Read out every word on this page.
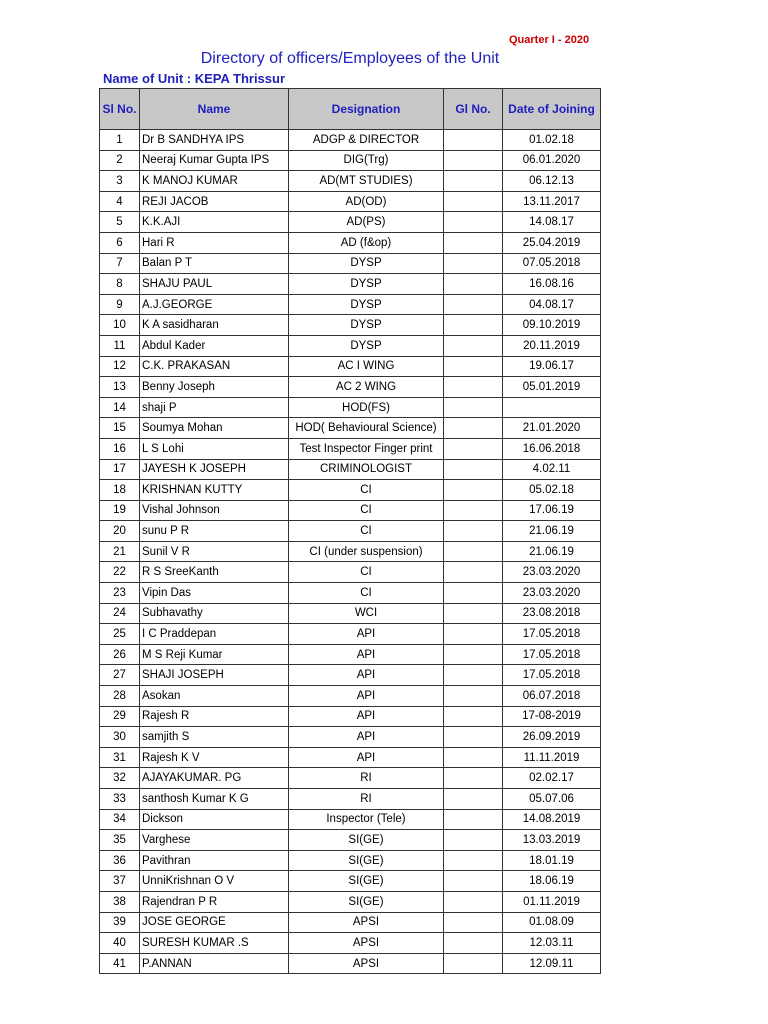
Quarter I - 2020
Directory of officers/Employees of the Unit
Name of Unit : KEPA Thrissur
Sl No.	Name	Designation	Gl No.	Date of Joining
1	Dr B SANDHYA IPS	ADGP & DIRECTOR		01.02.18
2	Neeraj Kumar Gupta IPS	DIG(Trg)		06.01.2020
3	K MANOJ KUMAR	AD(MT STUDIES)		06.12.13
4	REJI JACOB	AD(OD)		13.11.2017
5	K.K.AJI	AD(PS)		14.08.17
6	Hari R	AD (f&op)		25.04.2019
7	Balan P T	DYSP		07.05.2018
8	SHAJU PAUL	DYSP		16.08.16
9	A.J.GEORGE	DYSP		04.08.17
10	K A sasidharan	DYSP		09.10.2019
11	Abdul Kader	DYSP		20.11.2019
12	C.K. PRAKASAN	AC I WING		19.06.17
13	Benny Joseph	AC 2 WING		05.01.2019
14	shaji P	HOD(FS)		
15	Soumya Mohan	HOD( Behavioural Science)		21.01.2020
16	L S Lohi	Test Inspector Finger print		16.06.2018
17	JAYESH K JOSEPH	CRIMINOLOGIST		4.02.11
18	KRISHNAN KUTTY	CI		05.02.18
19	Vishal Johnson	CI		17.06.19
20	sunu P R	CI		21.06.19
21	Sunil V R	CI (under suspension)		21.06.19
22	R S SreeKanth	CI		23.03.2020
23	Vipin Das	CI		23.03.2020
24	Subhavathy	WCI		23.08.2018
25	I C Praddepan	API		17.05.2018
26	M S Reji Kumar	API		17.05.2018
27	SHAJI JOSEPH	API		17.05.2018
28	Asokan	API		06.07.2018
29	Rajesh R	API		17-08-2019
30	samjith S	API		26.09.2019
31	Rajesh K V	API		11.11.2019
32	AJAYAKUMAR. PG	RI		02.02.17
33	santhosh Kumar K G	RI		05.07.06
34	Dickson	Inspector (Tele)		14.08.2019
35	Varghese	SI(GE)		13.03.2019
36	Pavithran	SI(GE)		18.01.19
37	UnniKrishnan O V	SI(GE)		18.06.19
38	Rajendran P R	SI(GE)		01.11.2019
39	JOSE GEORGE	APSI		01.08.09
40	SURESH KUMAR .S	APSI		12.03.11
41	P.ANNAN	APSI		12.09.11
